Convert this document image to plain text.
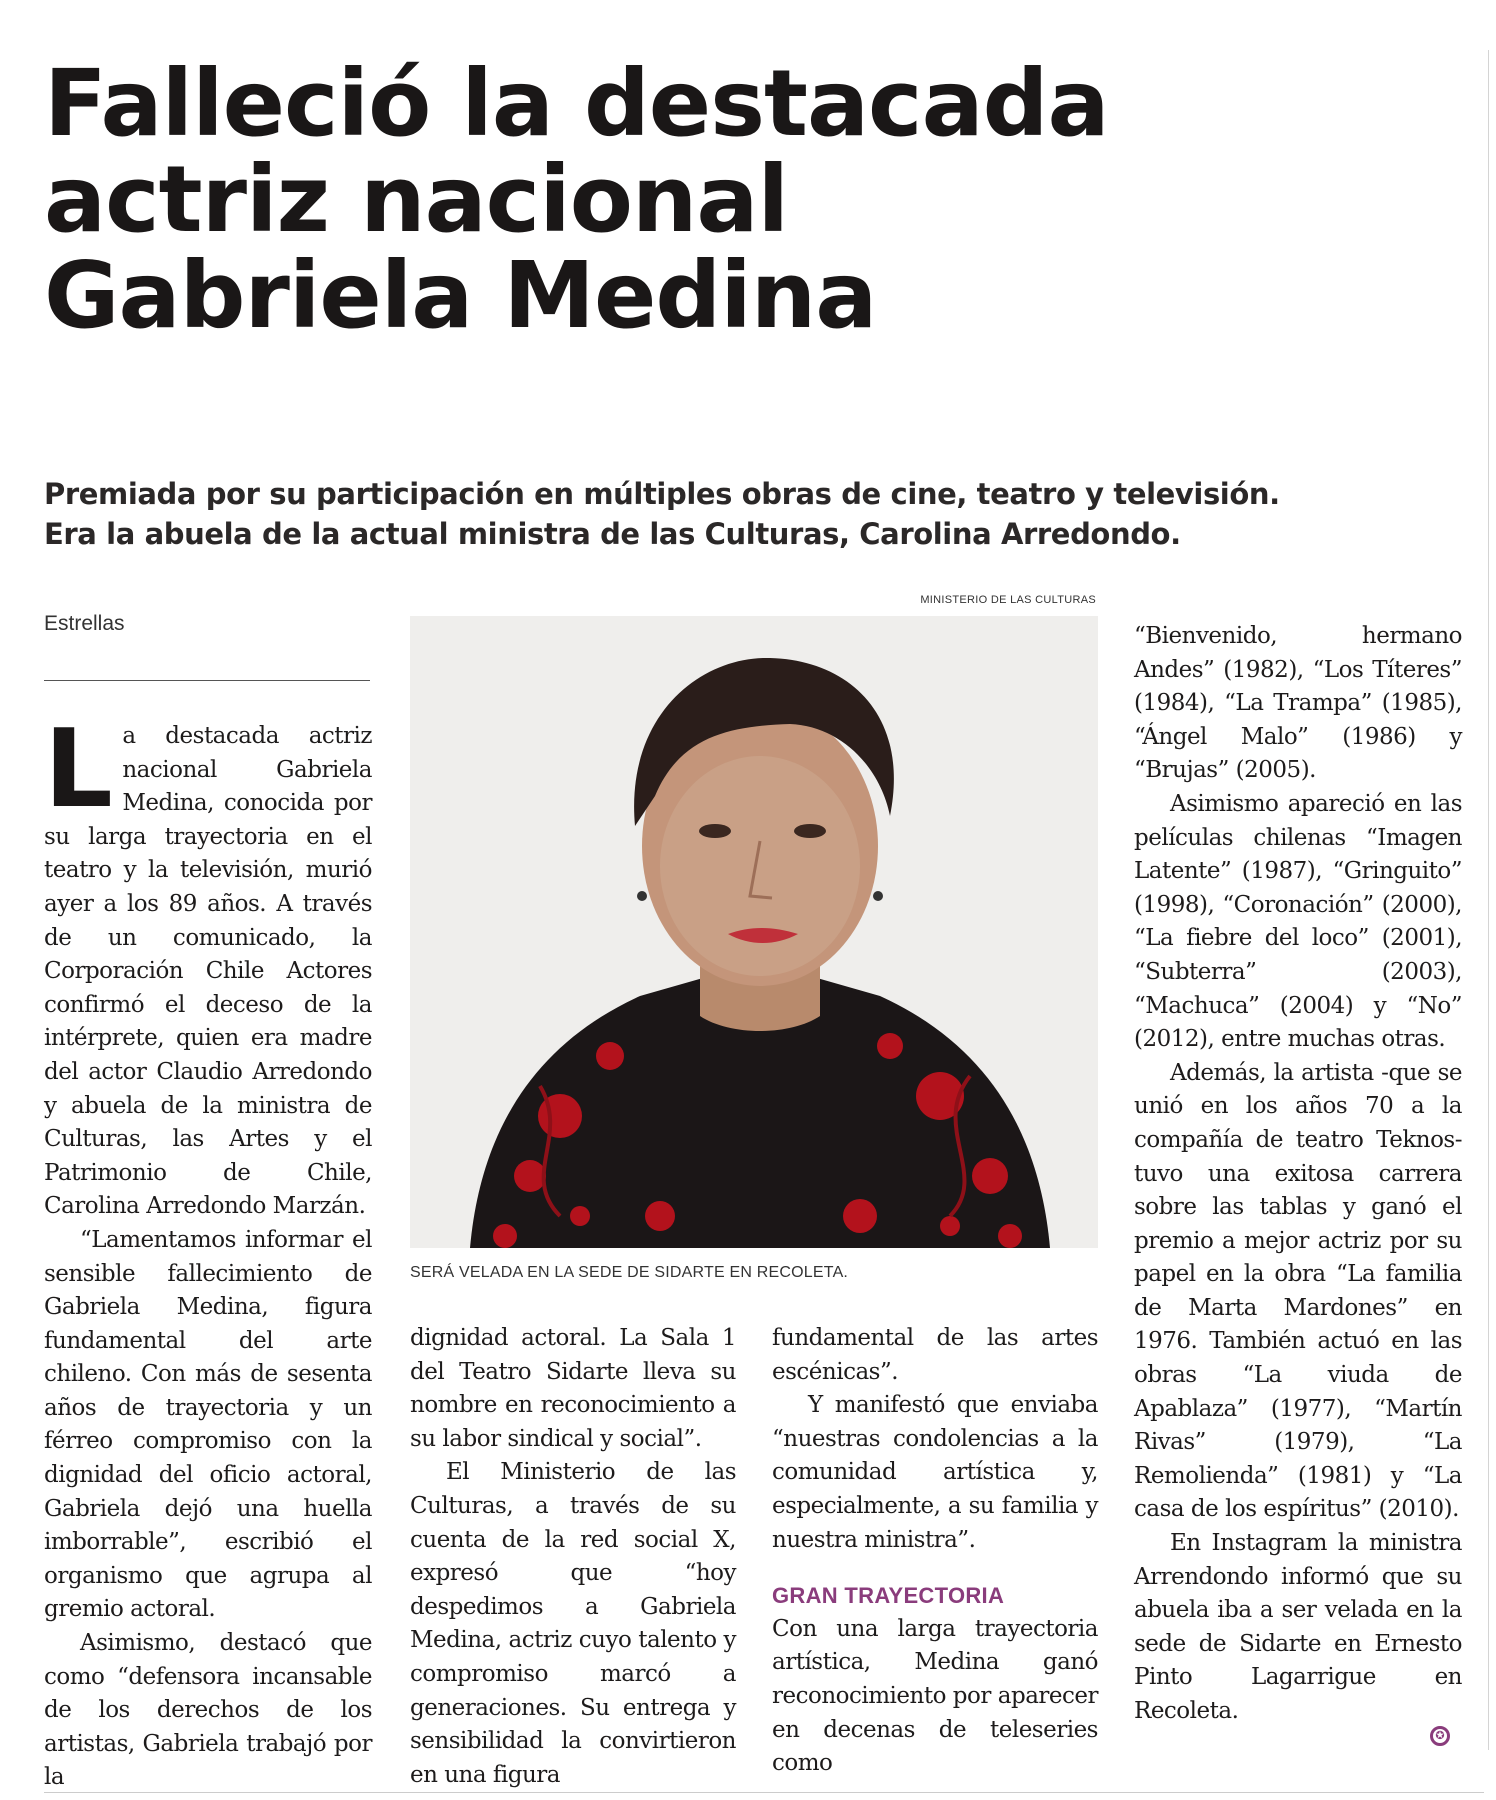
Falleció la destacada
actriz nacional
Gabriela Medina
Premiada por su participación en múltiples obras de cine, teatro y televisión.
Era la abuela de la actual ministra de las Culturas, Carolina Arredondo.
Estrellas
MINISTERIO DE LAS CULTURAS
SERÁ VELADA EN LA SEDE DE SIDARTE EN RECOLETA.

La destacada actriz nacional Gabriela Medina, conocida por su larga trayectoria en el teatro y la televisión, murió ayer a los 89 años. A través de un comunicado, la Corporación Chile Actores confirmó el deceso de la intérprete, quien era madre del actor Claudio Arredondo y abuela de la ministra de Culturas, las Artes y el Patrimonio de Chile, Carolina Arredondo Marzán.

“Lamentamos informar el sensible fallecimiento de Gabriela Medina, figura fundamental del arte chileno. Con más de sesenta años de trayectoria y un férreo compromiso con la dignidad del oficio actoral, Gabriela dejó una huella imborrable”, escribió el organismo que agrupa al gremio actoral.

Asimismo, destacó que como “defensora incansable de los derechos de los artistas, Gabriela trabajó por la

dignidad actoral. La Sala 1 del Teatro Sidarte lleva su nombre en reconocimiento a su labor sindical y social”.

El Ministerio de las Culturas, a través de su cuenta de la red social X, expresó que “hoy despedimos a Gabriela Medina, actriz cuyo talento y compromiso marcó a generaciones. Su entrega y sensibilidad la convirtieron en una figura

fundamental de las artes escénicas”.

Y manifestó que enviaba “nuestras condolencias a la comunidad artística y, especialmente, a su familia y nuestra ministra”.

GRAN TRAYECTORIA

Con una larga trayectoria artística, Medina ganó reconocimiento por aparecer en decenas de teleseries como

“Bienvenido, hermano Andes” (1982), “Los Títeres” (1984), “La Trampa” (1985), “Ángel Malo” (1986) y “Brujas” (2005).

Asimismo apareció en las películas chilenas “Imagen Latente” (1987), “Gringuito” (1998), “Coronación” (2000), “La fiebre del loco” (2001), “Subterra” (2003), “Machuca” (2004) y “No” (2012), entre muchas otras.

Además, la artista -que se unió en los años 70 a la compañía de teatro Teknos- tuvo una exitosa carrera sobre las tablas y ganó el premio a mejor actriz por su papel en la obra “La familia de Marta Mardones” en 1976. También actuó en las obras “La viuda de Apablaza” (1977), “Martín Rivas” (1979), “La Remolienda” (1981) y “La casa de los espíritus” (2010).

En Instagram la ministra Arrendondo informó que su abuela iba a ser velada en la sede de Sidarte en Ernesto Pinto Lagarrigue en Recoleta.

✪
